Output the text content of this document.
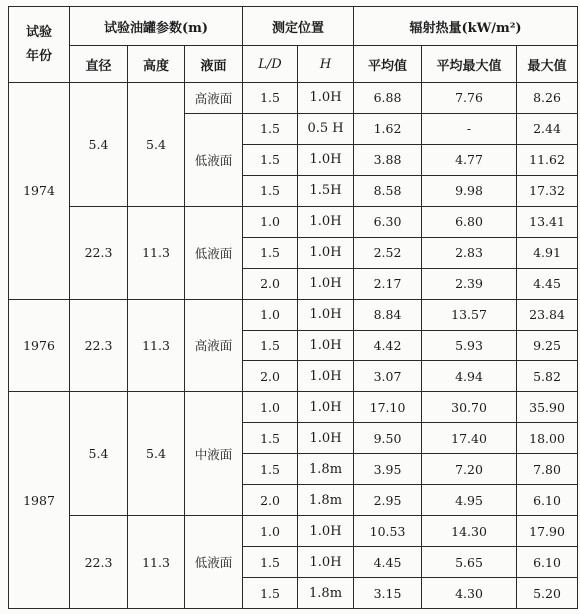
试验
年份	试验油罐参数(m)			测定位置		辐射热量(kW/m²)		
	直径	高度	液面	L/D	H	平均值	平均最大值	最大值
1974	5.4	5.4	高液面	1.5	1.0H	6.88	7.76	8.26
			低液面	1.5	0.5 H	1.62	-	2.44
				1.5	1.0H	3.88	4.77	11.62
				1.5	1.5H	8.58	9.98	17.32
	22.3	11.3	低液面	1.0	1.0H	6.30	6.80	13.41
				1.5	1.0H	2.52	2.83	4.91
				2.0	1.0H	2.17	2.39	4.45
1976	22.3	11.3	高液面	1.0	1.0H	8.84	13.57	23.84
				1.5	1.0H	4.42	5.93	9.25
				2.0	1.0H	3.07	4.94	5.82
1987	5.4	5.4	中液面	1.0	1.0H	17.10	30.70	35.90
				1.5	1.0H	9.50	17.40	18.00
				1.5	1.8m	3.95	7.20	7.80
				2.0	1.8m	2.95	4.95	6.10
	22.3	11.3	低液面	1.0	1.0H	10.53	14.30	17.90
				1.5	1.0H	4.45	5.65	6.10
				1.5	1.8m	3.15	4.30	5.20
